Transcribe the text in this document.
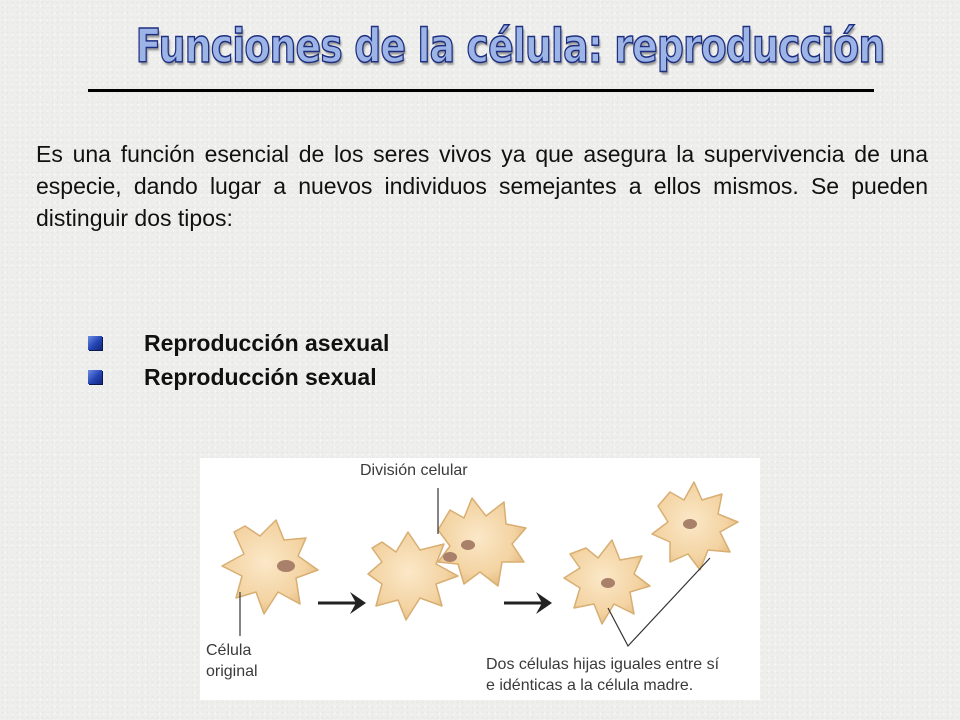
Funciones de la célula: reproducción

Es una función esencial de los seres vivos ya que asegura la supervivencia de una especie, dando lugar a nuevos individuos semejantes a ellos mismos. Se pueden distinguir dos tipos:

Reproducción asexual
Reproducción sexual
División celular
Célula
original	Dos células hijas iguales entre sí
e idénticas a la célula madre.
